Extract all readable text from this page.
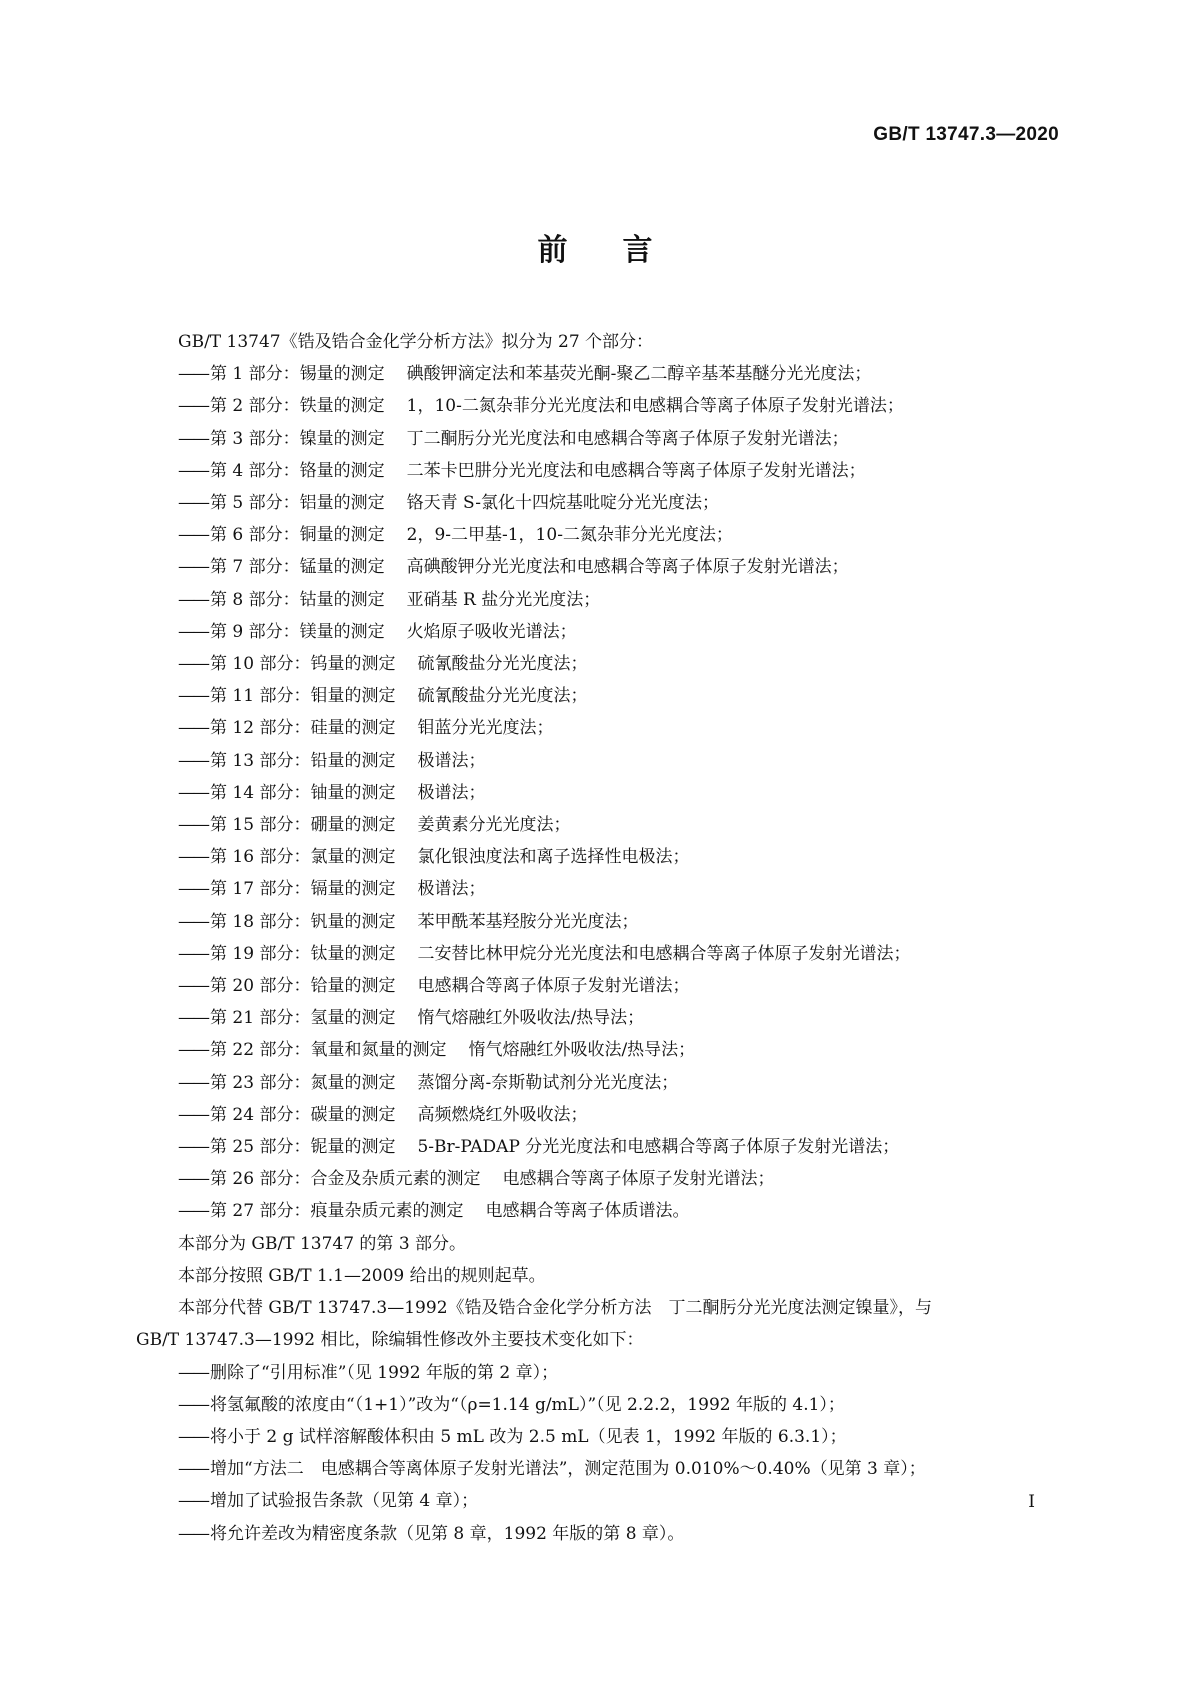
GB/T 13747.3—2020
前 言

GB/T 13747《锆及锆合金化学分析方法》拟分为 27 个部分：

—— 第 1 部分：锡量的测定 碘酸钾滴定法和苯基荧光酮-聚乙二醇辛基苯基醚分光光度法；

—— 第 2 部分：铁量的测定 1，10-二氮杂菲分光光度法和电感耦合等离子体原子发射光谱法；

—— 第 3 部分：镍量的测定 丁二酮肟分光光度法和电感耦合等离子体原子发射光谱法；

—— 第 4 部分：铬量的测定 二苯卡巴肼分光光度法和电感耦合等离子体原子发射光谱法；

—— 第 5 部分：铝量的测定 铬天青 S-氯化十四烷基吡啶分光光度法；

—— 第 6 部分：铜量的测定 2，9-二甲基-1，10-二氮杂菲分光光度法；

—— 第 7 部分：锰量的测定 高碘酸钾分光光度法和电感耦合等离子体原子发射光谱法；

—— 第 8 部分：钴量的测定 亚硝基 R 盐分光光度法；

—— 第 9 部分：镁量的测定 火焰原子吸收光谱法；

—— 第 10 部分：钨量的测定 硫氰酸盐分光光度法；

—— 第 11 部分：钼量的测定 硫氰酸盐分光光度法；

—— 第 12 部分：硅量的测定 钼蓝分光光度法；

—— 第 13 部分：铅量的测定 极谱法；

—— 第 14 部分：铀量的测定 极谱法；

—— 第 15 部分：硼量的测定 姜黄素分光光度法；

—— 第 16 部分：氯量的测定 氯化银浊度法和离子选择性电极法；

—— 第 17 部分：镉量的测定 极谱法；

—— 第 18 部分：钒量的测定 苯甲酰苯基羟胺分光光度法；

—— 第 19 部分：钛量的测定 二安替比林甲烷分光光度法和电感耦合等离子体原子发射光谱法；

—— 第 20 部分：铪量的测定 电感耦合等离子体原子发射光谱法；

—— 第 21 部分：氢量的测定 惰气熔融红外吸收法/热导法；

—— 第 22 部分：氧量和氮量的测定 惰气熔融红外吸收法/热导法；

—— 第 23 部分：氮量的测定 蒸馏分离-奈斯勒试剂分光光度法；

—— 第 24 部分：碳量的测定 高频燃烧红外吸收法；

—— 第 25 部分：铌量的测定 5-Br-PADAP 分光光度法和电感耦合等离子体原子发射光谱法；

—— 第 26 部分：合金及杂质元素的测定 电感耦合等离子体原子发射光谱法；

—— 第 27 部分：痕量杂质元素的测定 电感耦合等离子体质谱法。

本部分为 GB/T 13747 的第 3 部分。

本部分按照 GB/T 1.1—2009 给出的规则起草。

本部分代替 GB/T 13747.3—1992《锆及锆合金化学分析方法　丁二酮肟分光光度法测定镍量》，与

GB/T 13747.3—1992 相比，除编辑性修改外主要技术变化如下：

—— 删除了“引用标准”（见 1992 年版的第 2 章）；

—— 将氢氟酸的浓度由“（1+1）”改为“（ρ=1.14 g/mL）”（见 2.2.2，1992 年版的 4.1）；

—— 将小于 2 g 试样溶解酸体积由 5 mL 改为 2.5 mL（见表 1，1992 年版的 6.3.1）；

—— 增加“方法二　电感耦合等离体原子发射光谱法”，测定范围为 0.010%～0.40%（见第 3 章）；

—— 增加了试验报告条款（见第 4 章）；

—— 将允许差改为精密度条款（见第 8 章，1992 年版的第 8 章）。

I
